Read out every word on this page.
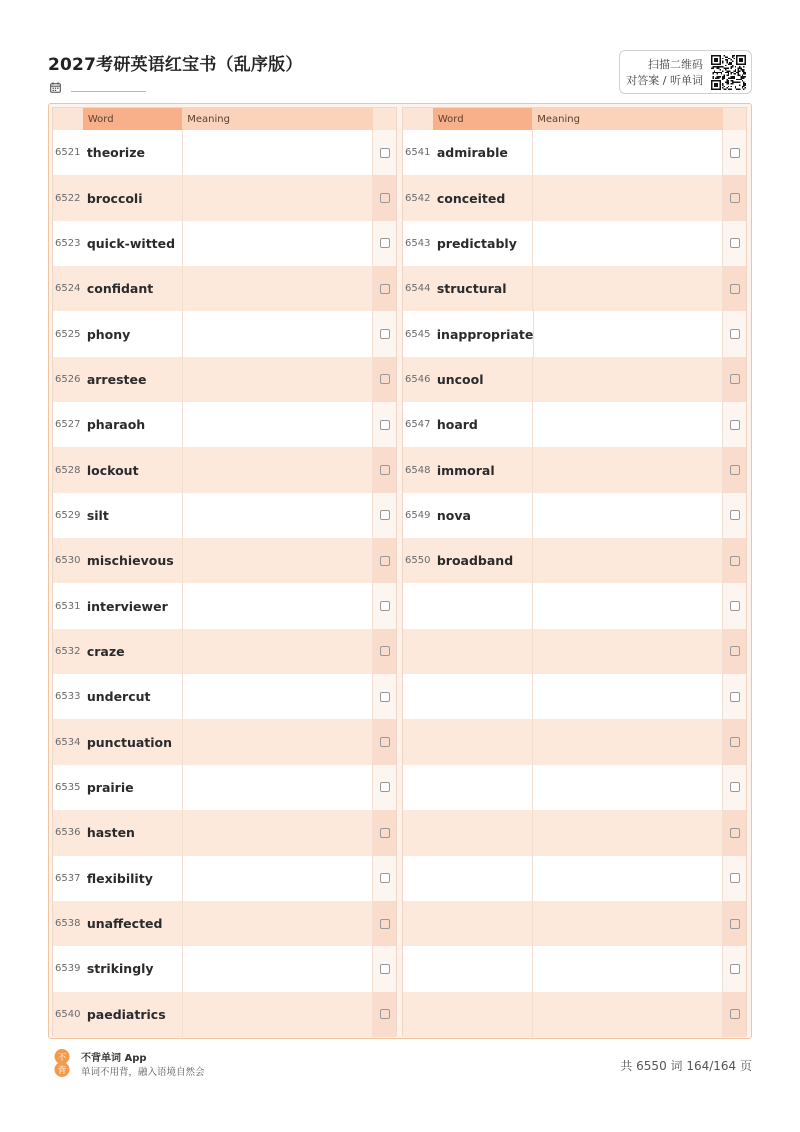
2027考研英语红宝书（乱序版）	扫描二维码
对答案 / 听单词
Word	Meaning
6521 theorize
6522 broccoli
6523 quick-witted
6524 confidant
6525 phony
6526 arrestee
6527 pharaoh
6528 lockout
6529 silt
6530 mischievous
6531 interviewer
6532 craze
6533 undercut
6534 punctuation
6535 prairie
6536 hasten
6537 flexibility
6538 unaffected
6539 strikingly
6540 paediatrics
Word	Meaning
6541 admirable
6542 conceited
6543 predictably
6544 structural
6545 inappropriate
6546 uncool
6547 hoard
6548 immoral
6549 nova
6550 broadband
不
背
不背单词 App
单词不用背，融入语境自然会	共 6550 词 164/164 页
